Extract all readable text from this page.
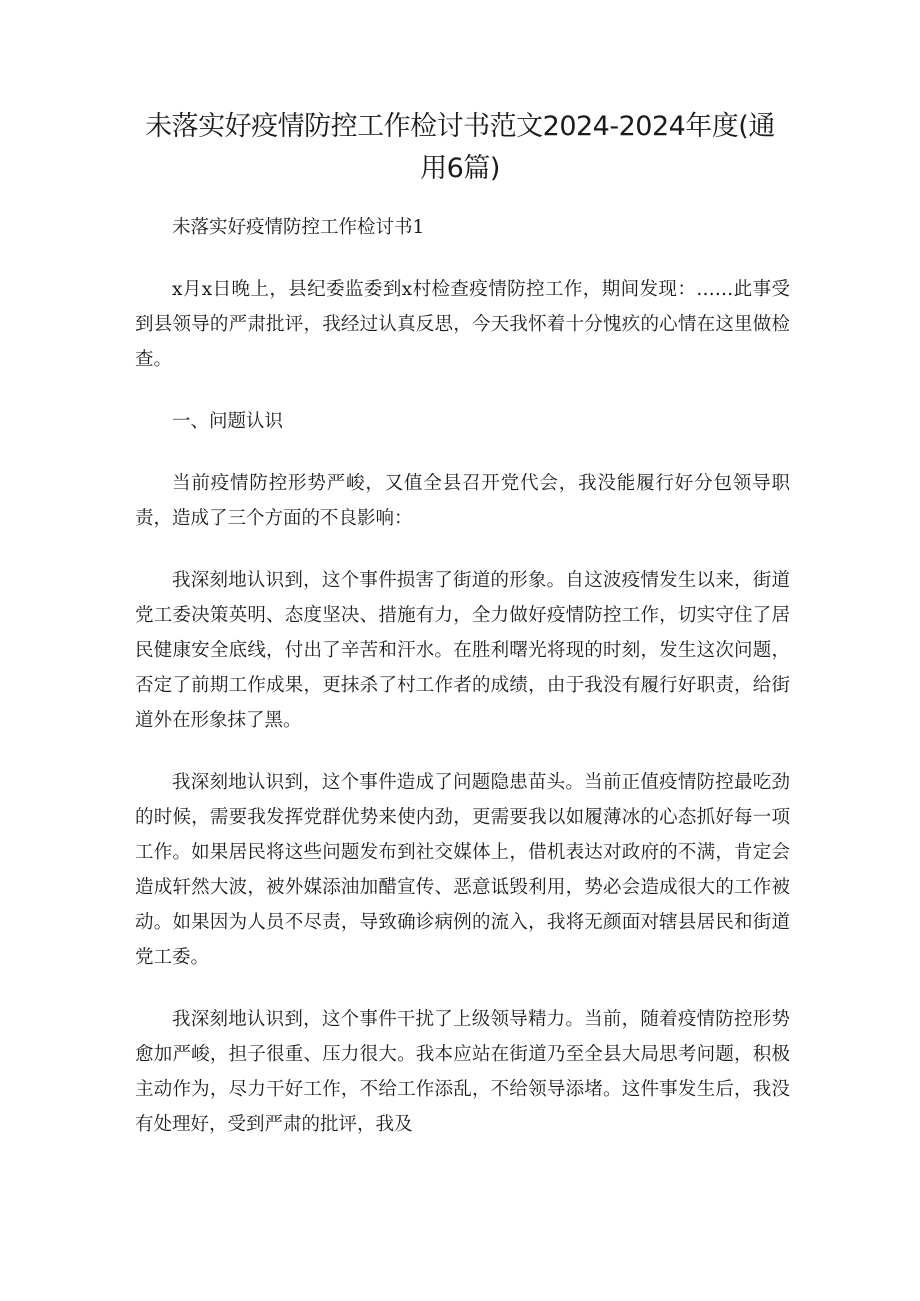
未落实好疫情防控工作检讨书范文2024-2024年度(通用6篇)

未落实好疫情防控工作检讨书1

x月x日晚上，县纪委监委到x村检查疫情防控工作，期间发现：……此事受到县领导的严肃批评，我经过认真反思，今天我怀着十分愧疚的心情在这里做检查。

一、问题认识

当前疫情防控形势严峻，又值全县召开党代会，我没能履行好分包领导职责，造成了三个方面的不良影响：

我深刻地认识到，这个事件损害了街道的形象。自这波疫情发生以来，街道党工委决策英明、态度坚决、措施有力，全力做好疫情防控工作，切实守住了居民健康安全底线，付出了辛苦和汗水。在胜利曙光将现的时刻，发生这次问题，否定了前期工作成果，更抹杀了村工作者的成绩，由于我没有履行好职责，给街道外在形象抹了黑。

我深刻地认识到，这个事件造成了问题隐患苗头。当前正值疫情防控最吃劲的时候，需要我发挥党群优势来使内劲，更需要我以如履薄冰的心态抓好每一项工作。如果居民将这些问题发布到社交媒体上，借机表达对政府的不满，肯定会造成轩然大波，被外媒添油加醋宣传、恶意诋毁利用，势必会造成很大的工作被动。如果因为人员不尽责，导致确诊病例的流入，我将无颜面对辖县居民和街道党工委。

我深刻地认识到，这个事件干扰了上级领导精力。当前，随着疫情防控形势愈加严峻，担子很重、压力很大。我本应站在街道乃至全县大局思考问题，积极主动作为，尽力干好工作，不给工作添乱，不给领导添堵。这件事发生后，我没有处理好，受到严肃的批评，我及
